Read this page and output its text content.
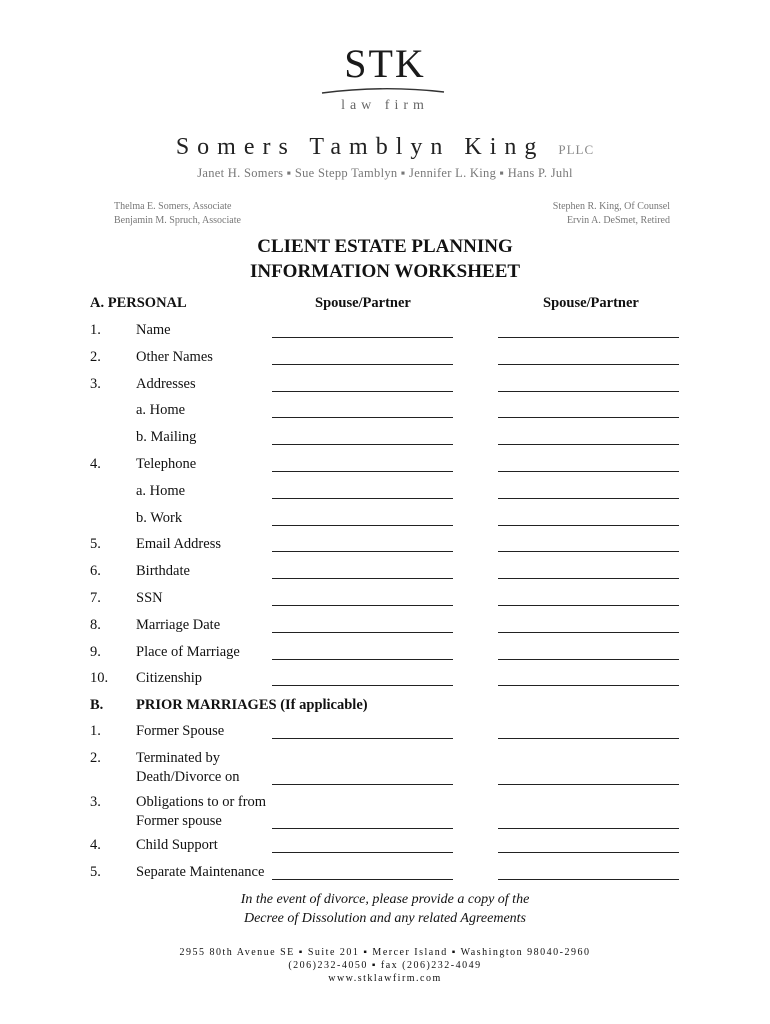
STK
law firm
Somers Tamblyn King PLLC
Janet H. Somers ▪ Sue Stepp Tamblyn ▪ Jennifer L. King ▪ Hans P. Juhl
Thelma E. Somers, Associate
Benjamin M. Spruch, Associate
Stephen R. King, Of Counsel
Ervin A. DeSmet, Retired
CLIENT ESTATE PLANNING
INFORMATION WORKSHEET
A. PERSONAL	Spouse/Partner	Spouse/Partner
1. Name
2. Other Names
3. Addresses
a. Home
b. Mailing
4. Telephone
a. Home
b. Work
5. Email Address
6. Birthdate
7. SSN
8. Marriage Date
9. Place of Marriage
10. Citizenship
B. PRIOR MARRIAGES (If applicable)
1. Former Spouse
2. Terminated by
Death/Divorce on
3. Obligations to or from
Former spouse
4. Child Support
5. Separate Maintenance
In the event of divorce, please provide a copy of the
Decree of Dissolution and any related Agreements
2955 80th Avenue SE ▪ Suite 201 ▪ Mercer Island ▪ Washington 98040-2960
(206)232-4050 ▪ fax (206)232-4049
www.stklawfirm.com
